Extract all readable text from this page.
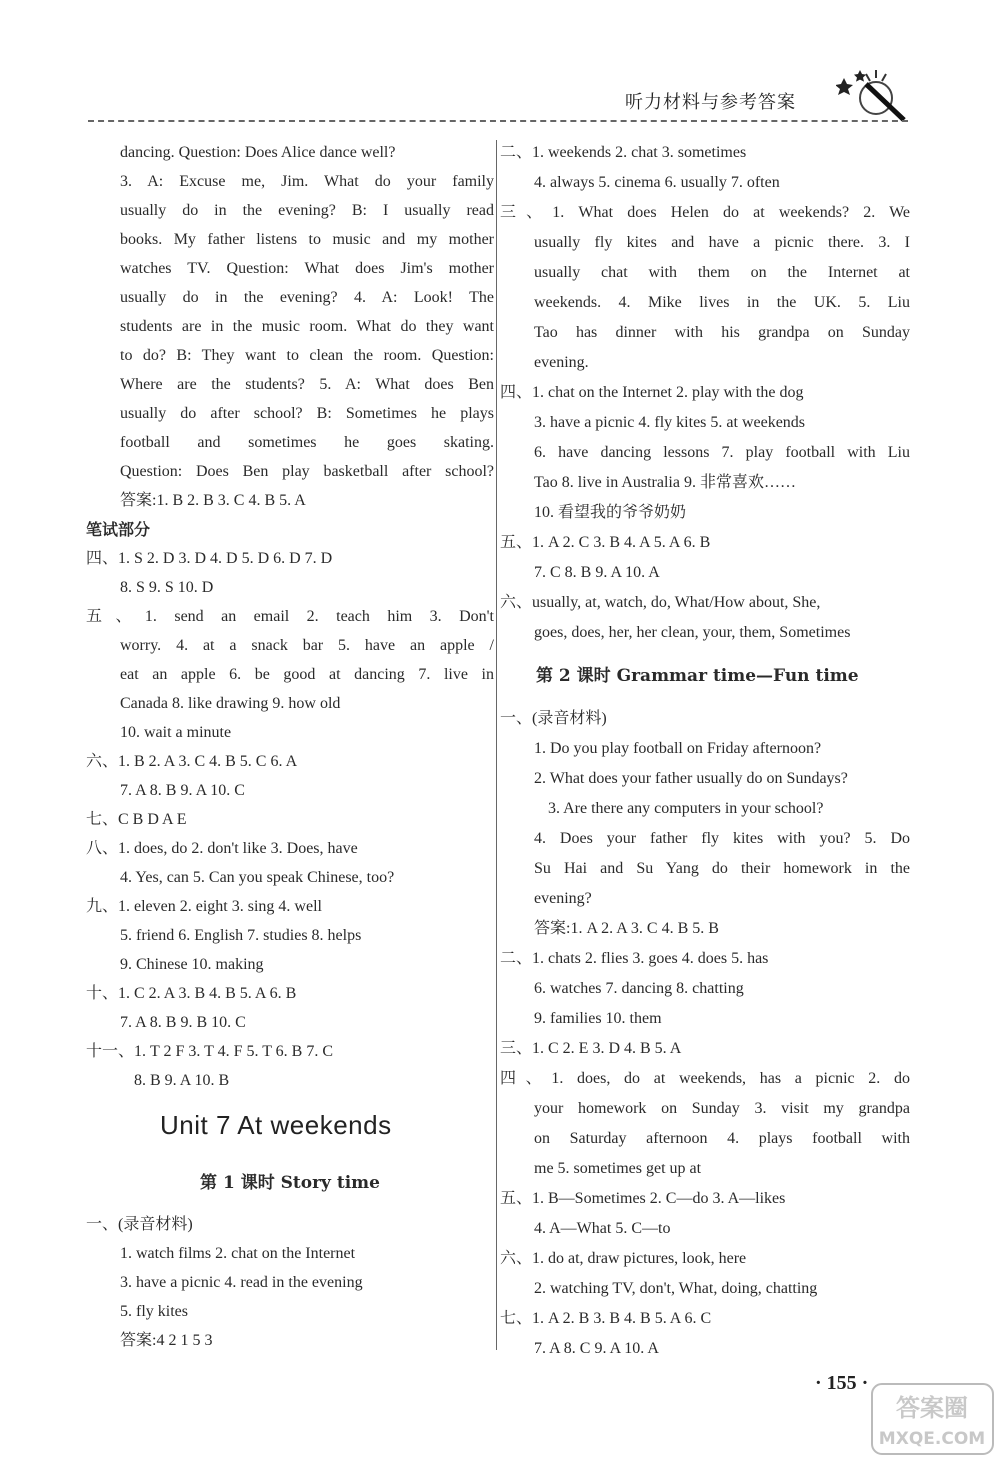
听力材料与参考答案
dancing. Question: Does Alice dance well?
3. A: Excuse me, Jim. What do your family
usually do in the evening? B: I usually read
books. My father listens to music and my mother
watches TV. Question: What does Jim's mother
usually do in the evening? 4. A: Look! The
students are in the music room. What do they want
to do? B: They want to clean the room. Question:
Where are the students? 5. A: What does Ben
usually do after school? B: Sometimes he plays
football and sometimes he goes skating.
Question: Does Ben play basketball after school?
答案:1. B 2. B 3. C 4. B 5. A
笔试部分
四、1. S 2. D 3. D 4. D 5. D 6. D 7. D
8. S 9. S 10. D
五、1. send an email 2. teach him 3. Don't
worry. 4. at a snack bar 5. have an apple /
eat an apple 6. be good at dancing 7. live in
Canada 8. like drawing 9. how old
10. wait a minute
六、1. B 2. A 3. C 4. B 5. C 6. A
7. A 8. B 9. A 10. C
七、C B D A E
八、1. does, do 2. don't like 3. Does, have
4. Yes, can 5. Can you speak Chinese, too?
九、1. eleven 2. eight 3. sing 4. well
5. friend 6. English 7. studies 8. helps
9. Chinese 10. making
十、1. C 2. A 3. B 4. B 5. A 6. B
7. A 8. B 9. B 10. C
十一、1. T 2 F 3. T 4. F 5. T 6. B 7. C
8. B 9. A 10. B
第 1 课时 Story time
一、(录音材料)
1. watch films 2. chat on the Internet
3. have a picnic 4. read in the evening
5. fly kites
答案:4 2 1 5 3
Unit 7 At weekends
二、1. weekends 2. chat 3. sometimes
4. always 5. cinema 6. usually 7. often
三、1. What does Helen do at weekends? 2. We
usually fly kites and have a picnic there. 3. I
usually chat with them on the Internet at
weekends. 4. Mike lives in the UK. 5. Liu
Tao has dinner with his grandpa on Sunday
evening.
四、1. chat on the Internet 2. play with the dog
3. have a picnic 4. fly kites 5. at weekends
6. have dancing lessons 7. play football with Liu
Tao 8. live in Australia 9. 非常喜欢……
10. 看望我的爷爷奶奶
五、1. A 2. C 3. B 4. A 5. A 6. B
7. C 8. B 9. A 10. A
六、usually, at, watch, do, What/How about, She,
goes, does, her, her clean, your, them, Sometimes
第 2 课时 Grammar time—Fun time
一、(录音材料)
1. Do you play football on Friday afternoon?
2. What does your father usually do on Sundays?
3. Are there any computers in your school?
4. Does your father fly kites with you? 5. Do
Su Hai and Su Yang do their homework in the
evening?
答案:1. A 2. A 3. C 4. B 5. B
二、1. chats 2. flies 3. goes 4. does 5. has
6. watches 7. dancing 8. chatting
9. families 10. them
三、1. C 2. E 3. D 4. B 5. A
四、1. does, do at weekends, has a picnic 2. do
your homework on Sunday 3. visit my grandpa
on Saturday afternoon 4. plays football with
me 5. sometimes get up at
五、1. B—Sometimes 2. C—do 3. A—likes
4. A—What 5. C—to
六、1. do at, draw pictures, look, here
2. watching TV, don't, What, doing, chatting
七、1. A 2. B 3. B 4. B 5. A 6. C
7. A 8. C 9. A 10. A
· 155 ·
答案圈
MXQE.COM
